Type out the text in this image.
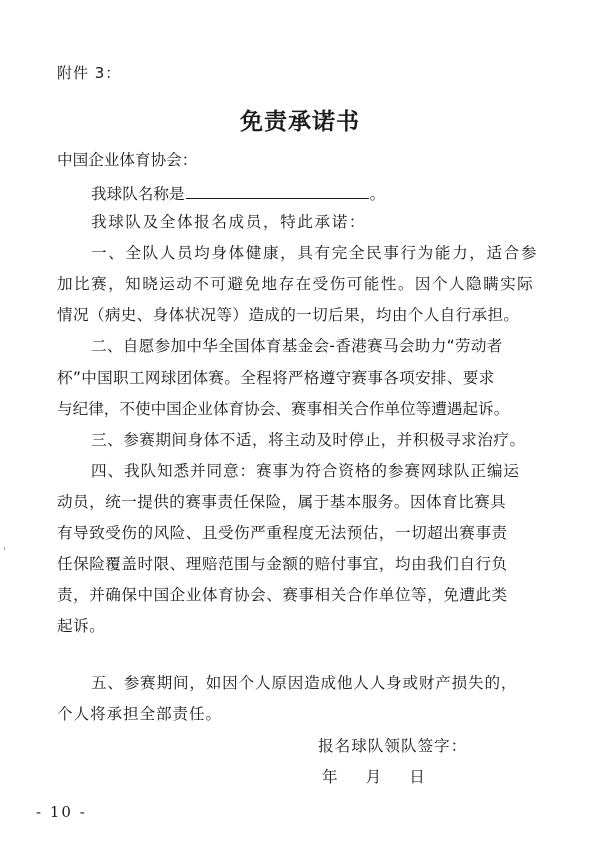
附件 3：
免责承诺书
中国企业体育协会：
我球队名称是	。
我球队及全体报名成员，特此承诺：
一、全队人员均身体健康，具有完全民事行为能力，适合参
加比赛，知晓运动不可避免地存在受伤可能性。因个人隐瞒实际
情况（病史、身体状况等）造成的一切后果，均由个人自行承担。
二、自愿参加中华全国体育基金会-香港赛马会助力“劳动者
杯”中国职工网球团体赛。全程将严格遵守赛事各项安排、要求
与纪律，不使中国企业体育协会、赛事相关合作单位等遭遇起诉。
三、参赛期间身体不适，将主动及时停止，并积极寻求治疗。
四、我队知悉并同意：赛事为符合资格的参赛网球队正编运
动员，统一提供的赛事责任保险，属于基本服务。因体育比赛具
有导致受伤的风险、且受伤严重程度无法预估，一切超出赛事责
任保险覆盖时限、理赔范围与金额的赔付事宜，均由我们自行负
责，并确保中国企业体育协会、赛事相关合作单位等，免遭此类
起诉。
五、参赛期间，如因个人原因造成他人人身或财产损失的，
个人将承担全部责任。
报名球队领队签字：
年 月 日
- 10 -
